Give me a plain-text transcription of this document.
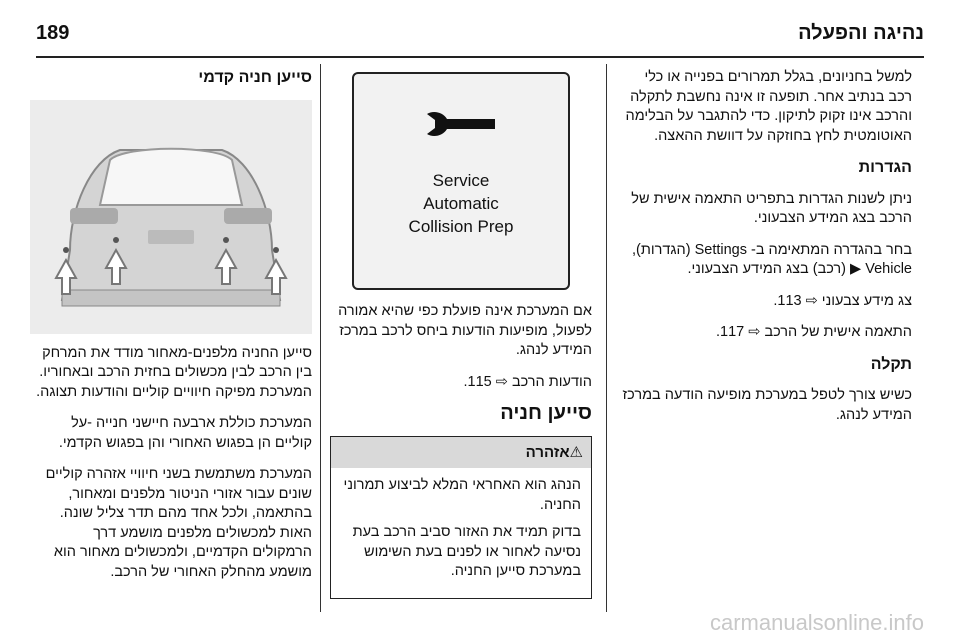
נהיגה והפעלה
189

למשל בחניונים, בגלל תמרורים בפנייה או כלי רכב בנתיב אחר. תופעה זו אינה נחשבת לתקלה והרכב אינו זקוק לתיקון. כדי להתגבר על הבלימה האוטומטית לחץ בחוזקה על דוושת ההאצה.

הגדרות

ניתן לשנות הגדרות בתפריט התאמה אישית של הרכב בצג המידע הצבעוני.

בחר בהגדרה המתאימה ב- Settings (הגדרות), Vehicle ▶ (רכב) בצג המידע הצבעוני.

צג מידע צבעוני ⇨ 113.

התאמה אישית של הרכב ⇨ 117.

תקלה

כשיש צורך לטפל במערכת מופיעה הודעה במרכז המידע לנהג.

Service
Automatic
Collision Prep

אם המערכת אינה פועלת כפי שהיא אמורה לפעול, מופיעות הודעות ביחס לרכב במרכז המידע לנהג.

הודעות הרכב ⇨ 115.

סייען חניה
⚠אזהרה

הנהג הוא האחראי המלא לביצוע תמרוני החניה.

בדוק תמיד את האזור סביב הרכב בעת נסיעה לאחור או לפנים בעת השימוש במערכת סייען החניה.

סייען חניה קדמי

סייען החניה מלפנים-מאחור מודד את המרחק בין הרכב לבין מכשולים בחזית הרכב ובאחוריו. המערכת מפיקה חיוויים קוליים והודעות תצוגה.

המערכת כוללת ארבעה חיישני חנייה -על קוליים הן בפגוש האחורי והן בפגוש הקדמי.

המערכת משתמשת בשני חיוויי אזהרה קוליים שונים עבור אזורי הניטור מלפנים ומאחור, בהתאמה, ולכל אחד מהם תדר צליל שונה. האות למכשולים מלפנים מושמע דרך הרמקולים הקדמיים, ולמכשולים מאחור הוא מושמע מהחלק האחורי של הרכב.

carmanualsonline.info
